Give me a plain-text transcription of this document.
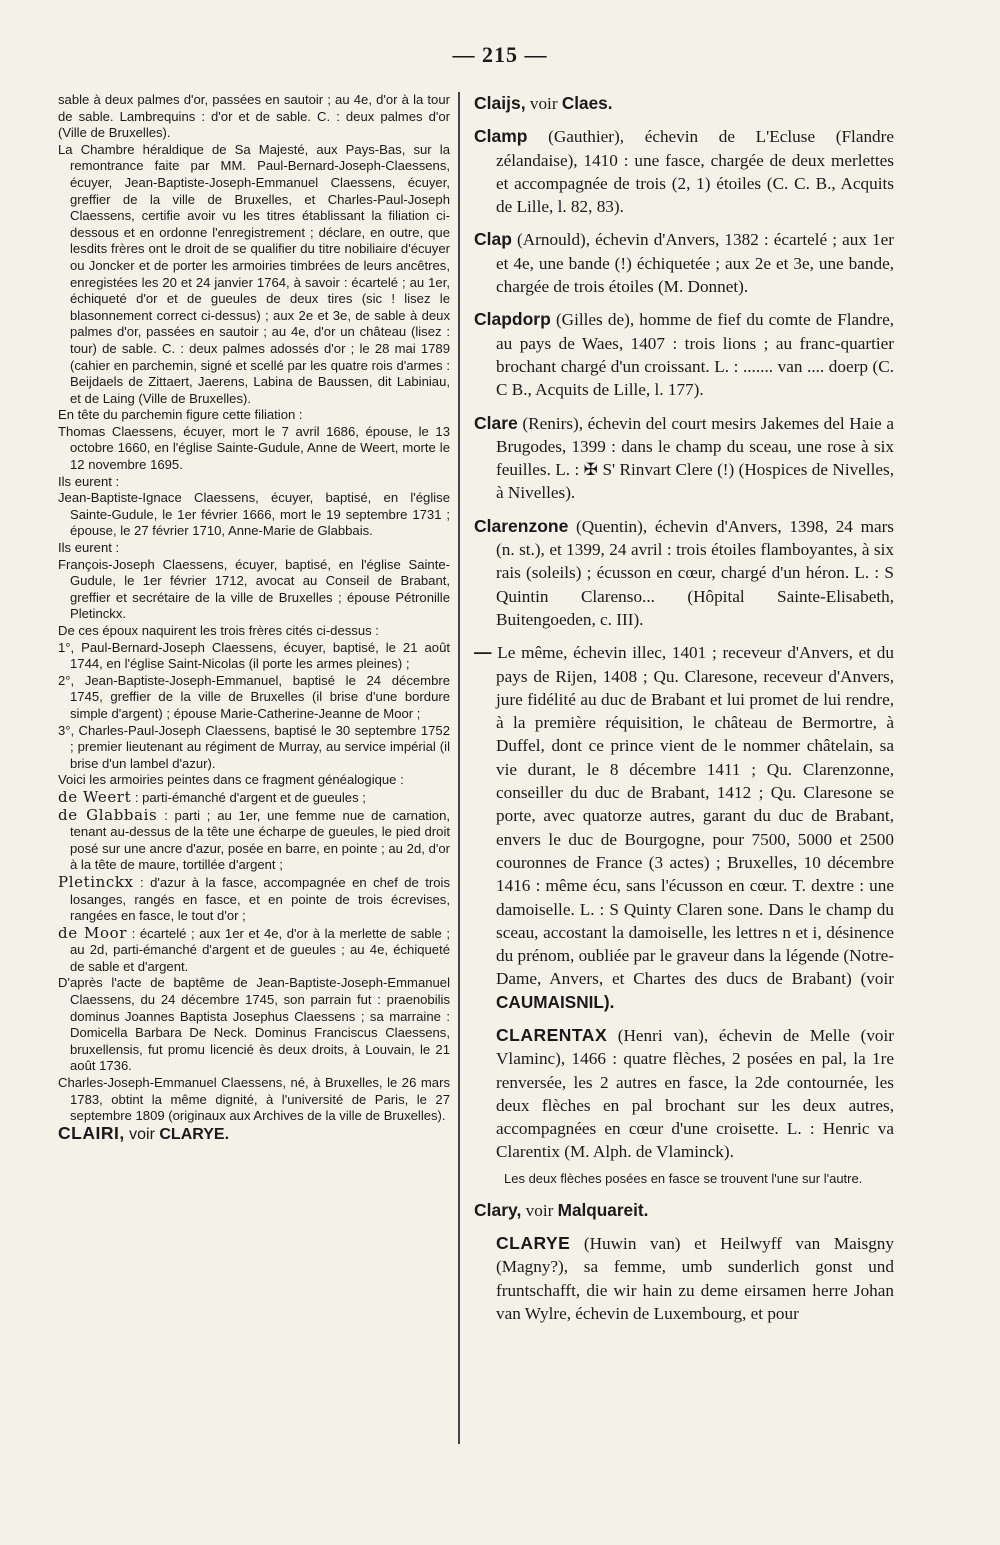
— 215 —

sable à deux palmes d'or, passées en sautoir ; au 4e, d'or à la tour de sable. Lambrequins : d'or et de sable. C. : deux palmes d'or (Ville de Bruxelles).

La Chambre héraldique de Sa Majesté, aux Pays-Bas, sur la remontrance faite par MM. Paul-Bernard-Joseph-Claessens, écuyer, Jean-Baptiste-Joseph-Emmanuel Claessens, écuyer, greffier de la ville de Bruxelles, et Charles-Paul-Joseph Claessens, certifie avoir vu les titres établissant la filiation ci-dessous et en ordonne l'enregistrement ; déclare, en outre, que lesdits frères ont le droit de se qualifier du titre nobiliaire d'écuyer ou Joncker et de porter les armoiries timbrées de leurs ancêtres, enregistées les 20 et 24 janvier 1764, à savoir : écartelé ; au 1er, échiqueté d'or et de gueules de deux tires (sic ! lisez le blasonnement correct ci-dessus) ; aux 2e et 3e, de sable à deux palmes d'or, passées en sautoir ; au 4e, d'or un château (lisez : tour) de sable. C. : deux palmes adossés d'or ; le 28 mai 1789 (cahier en parchemin, signé et scellé par les quatre rois d'armes : Beijdaels de Zittaert, Jaerens, Labina de Baussen, dit Labiniau, et de Laing (Ville de Bruxelles).

En tête du parchemin figure cette filiation :

Thomas Claessens, écuyer, mort le 7 avril 1686, épouse, le 13 octobre 1660, en l'église Sainte-Gudule, Anne de Weert, morte le 12 novembre 1695.

Ils eurent :

Jean-Baptiste-Ignace Claessens, écuyer, baptisé, en l'église Sainte-Gudule, le 1er février 1666, mort le 19 septembre 1731 ; épouse, le 27 février 1710, Anne-Marie de Glabbais.

Ils eurent :

François-Joseph Claessens, écuyer, baptisé, en l'église Sainte-Gudule, le 1er février 1712, avocat au Conseil de Brabant, greffier et secrétaire de la ville de Bruxelles ; épouse Pétronille Pletinckx.

De ces époux naquirent les trois frères cités ci-dessus :

1°, Paul-Bernard-Joseph Claessens, écuyer, baptisé, le 21 août 1744, en l'église Saint-Nicolas (il porte les armes pleines) ;

2°, Jean-Baptiste-Joseph-Emmanuel, baptisé le 24 décembre 1745, greffier de la ville de Bruxelles (il brise d'une bordure simple d'argent) ; épouse Marie-Catherine-Jeanne de Moor ;

3°, Charles-Paul-Joseph Claessens, baptisé le 30 septembre 1752 ; premier lieutenant au régiment de Murray, au service impérial (il brise d'un lambel d'azur).

Voici les armoiries peintes dans ce fragment généalogique :

de Weert : parti-émanché d'argent et de gueules ;

de Glabbais : parti ; au 1er, une femme nue de carnation, tenant au-dessus de la tête une écharpe de gueules, le pied droit posé sur une ancre d'azur, posée en barre, en pointe ; au 2d, d'or à la tête de maure, tortillée d'argent ;

Pletinckx : d'azur à la fasce, accompagnée en chef de trois losanges, rangés en fasce, et en pointe de trois écrevises, rangées en fasce, le tout d'or ;

de Moor : écartelé ; aux 1er et 4e, d'or à la merlette de sable ; au 2d, parti-émanché d'argent et de gueules ; au 4e, échiqueté de sable et d'argent.

D'après l'acte de baptême de Jean-Baptiste-Joseph-Emmanuel Claessens, du 24 décembre 1745, son parrain fut : praenobilis dominus Joannes Baptista Josephus Claessens ; sa marraine : Domicella Barbara De Neck. Dominus Franciscus Claessens, bruxellensis, fut promu licencié ès deux droits, à Louvain, le 21 août 1736.

Charles-Joseph-Emmanuel Claessens, né, à Bruxelles, le 26 mars 1783, obtint la même dignité, à l'université de Paris, le 27 septembre 1809 (originaux aux Archives de la ville de Bruxelles).

CLAIRI, voir CLARYE.

Claijs, voir Claes.

Clamp (Gauthier), échevin de L'Ecluse (Flandre zélandaise), 1410 : une fasce, chargée de deux merlettes et accompagnée de trois (2, 1) étoiles (C. C. B., Acquits de Lille, l. 82, 83).

Clap (Arnould), échevin d'Anvers, 1382 : écartelé ; aux 1er et 4e, une bande (!) échiquetée ; aux 2e et 3e, une bande, chargée de trois étoiles (M. Donnet).

Clapdorp (Gilles de), homme de fief du comte de Flandre, au pays de Waes, 1407 : trois lions ; au franc-quartier brochant chargé d'un croissant. L. : ....... van .... doerp (C. C B., Acquits de Lille, l. 177).

Clare (Renirs), échevin del court mesirs Jakemes del Haie a Brugodes, 1399 : dans le champ du sceau, une rose à six feuilles. L. : ✠ S' Rinvart Clere (!) (Hospices de Nivelles, à Nivelles).

Clarenzone (Quentin), échevin d'Anvers, 1398, 24 mars (n. st.), et 1399, 24 avril : trois étoiles flamboyantes, à six rais (soleils) ; écusson en cœur, chargé d'un héron. L. : S Quintin Clarenso... (Hôpital Sainte-Elisabeth, Buitengoeden, c. III).

— Le même, échevin illec, 1401 ; receveur d'Anvers, et du pays de Rijen, 1408 ; Qu. Claresone, receveur d'Anvers, jure fidélité au duc de Brabant et lui promet de lui rendre, à la première réquisition, le château de Bermortre, à Duffel, dont ce prince vient de le nommer châtelain, sa vie durant, le 8 décembre 1411 ; Qu. Clarenzonne, conseiller du duc de Brabant, 1412 ; Qu. Claresone se porte, avec quatorze autres, garant du duc de Brabant, envers le duc de Bourgogne, pour 7500, 5000 et 2500 couronnes de France (3 actes) ; Bruxelles, 10 décembre 1416 : même écu, sans l'écusson en cœur. T. dextre : une damoiselle. L. : S Quinty Claren sone. Dans le champ du sceau, accostant la damoiselle, les lettres n et i, désinence du prénom, oubliée par le graveur dans la légende (Notre-Dame, Anvers, et Chartes des ducs de Brabant) (voir CAUMAISNIL).

CLARENTAX (Henri van), échevin de Melle (voir Vlaminc), 1466 : quatre flèches, 2 posées en pal, la 1re renversée, les 2 autres en fasce, la 2de contournée, les deux flèches en pal brochant sur les deux autres, accompagnées en cœur d'une croisette. L. : Henric va Clarentix (M. Alph. de Vlaminck).

Les deux flèches posées en fasce se trouvent l'une sur l'autre.

Clary, voir Malquareit.

CLARYE (Huwin van) et Heilwyff van Maisgny (Magny?), sa femme, umb sunderlich gonst und fruntschafft, die wir hain zu deme eirsamen herre Johan van Wylre, échevin de Luxembourg, et pour
